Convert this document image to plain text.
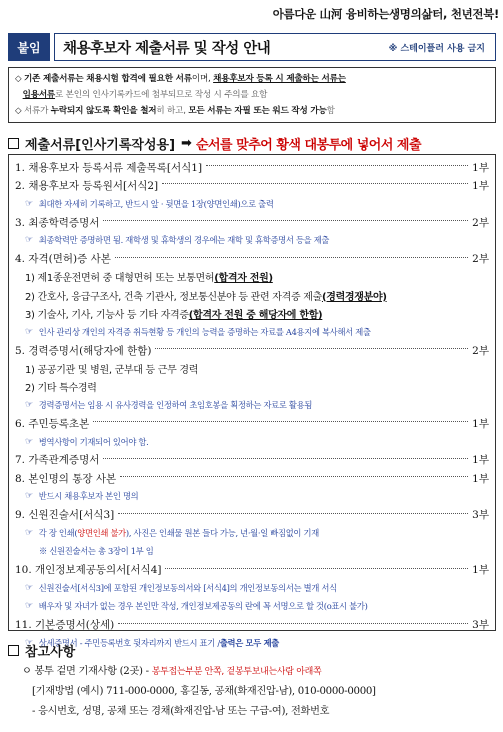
아름다운 山河 융비하는생명의삶터, 천년전북!
붙임	채용후보자 제출서류 및 작성 안내	※ 스테이플러 사용 금지
◇ 기존 제출서류는 채용시험 합격에 필요한 서류이며, 채용후보자 등록 시 제출하는 서류는
임용서류로 본인의 인사기록카드에 첨부되므로 작성 시 주의를 요함
◇ 서류가 누락되지 않도록 확인을 철저히 하고, 모든 서류는 자필 또는 워드 작성 가능함
제출서류[인사기록작성용] ➡ 순서를 맞추어 황색 대봉투에 넣어서 제출
1. 채용후보자 등록서류 제출목록[서식1]	1부
2. 채용후보자 등록원서[서식2]	1부
☞ 최대한 자세히 기록하고, 반드시 앞 · 뒷면을 1장(양면인쇄)으로 출력
3. 최종학력증명서	2부
☞ 최종학력만 증명하면 됨. 재학생 및 휴학생의 경우에는 재학 및 휴학증명서 등을 제출
4. 자격(면허)증 사본	2부
1) 제1종운전면허 중 대형면허 또는 보통면허 (합격자 전원)
2) 간호사, 응급구조사, 건축 기관사, 정보통신분야 등 관련 자격증 제출 (경력경쟁분야)
3) 기술사, 기사, 기능사 등 기타 자격증 (합격자 전원 중 해당자에 한함)
☞ 인사 관리상 개인의 자격증 취득현황 등 개인의 능력을 증명하는 자료를 A4용지에 복사해서 제출
5. 경력증명서(해당자에 한함)	2부
1) 공공기관 및 병원, 군부대 등 근무 경력
2) 기타 특수경력
☞ 경력증명서는 임용 시 유사경력을 인정하여 초임호봉을 획정하는 자료로 활용됨
6. 주민등록초본	1부
☞ 병역사항이 기재되어 있어야 함.
7. 가족관계증명서	1부
8. 본인명의 통장 사본	1부
☞ 반드시 채용후보자 본인 명의
9. 신원진술서[서식3]	3부
☞ 각 장 인쇄( 양면인쇄 불가 ), 사진은 인쇄물 원본 들다 가능, 년·월·일 빠짐없이 기재
※ 신원진술서는 총 3장이 1부 임
10. 개인정보제공동의서[서식4]	1부
☞ 신원진술서[서식3]에 포함된 개인정보동의서와 [서식4]의 개인정보동의서는 별개 서식
☞ 배우자 및 자녀가 없는 경우 본인만 작성, 개인정보제공동의 란에 꼭 서명으로 할 것(o표시 불가)
11. 기본증명서(상세)	3부
☞ 상세증명서 - 주민등록번호 뒷자리까지 반드시 표기 / 출력은 모두 제출
참고사항
ㅇ 봉투 겉면 기재사항 (2곳) - 봉투접는부분 안쪽, 겉봉투보내는사람 아래쪽
[기재방법 (예시) 711-000-0000, 홍길동, 공채(화재진압-남), 010-0000-0000]
- 응시번호, 성명, 공채 또는 경채(화재진압-남 또는 구급-여), 전화번호
